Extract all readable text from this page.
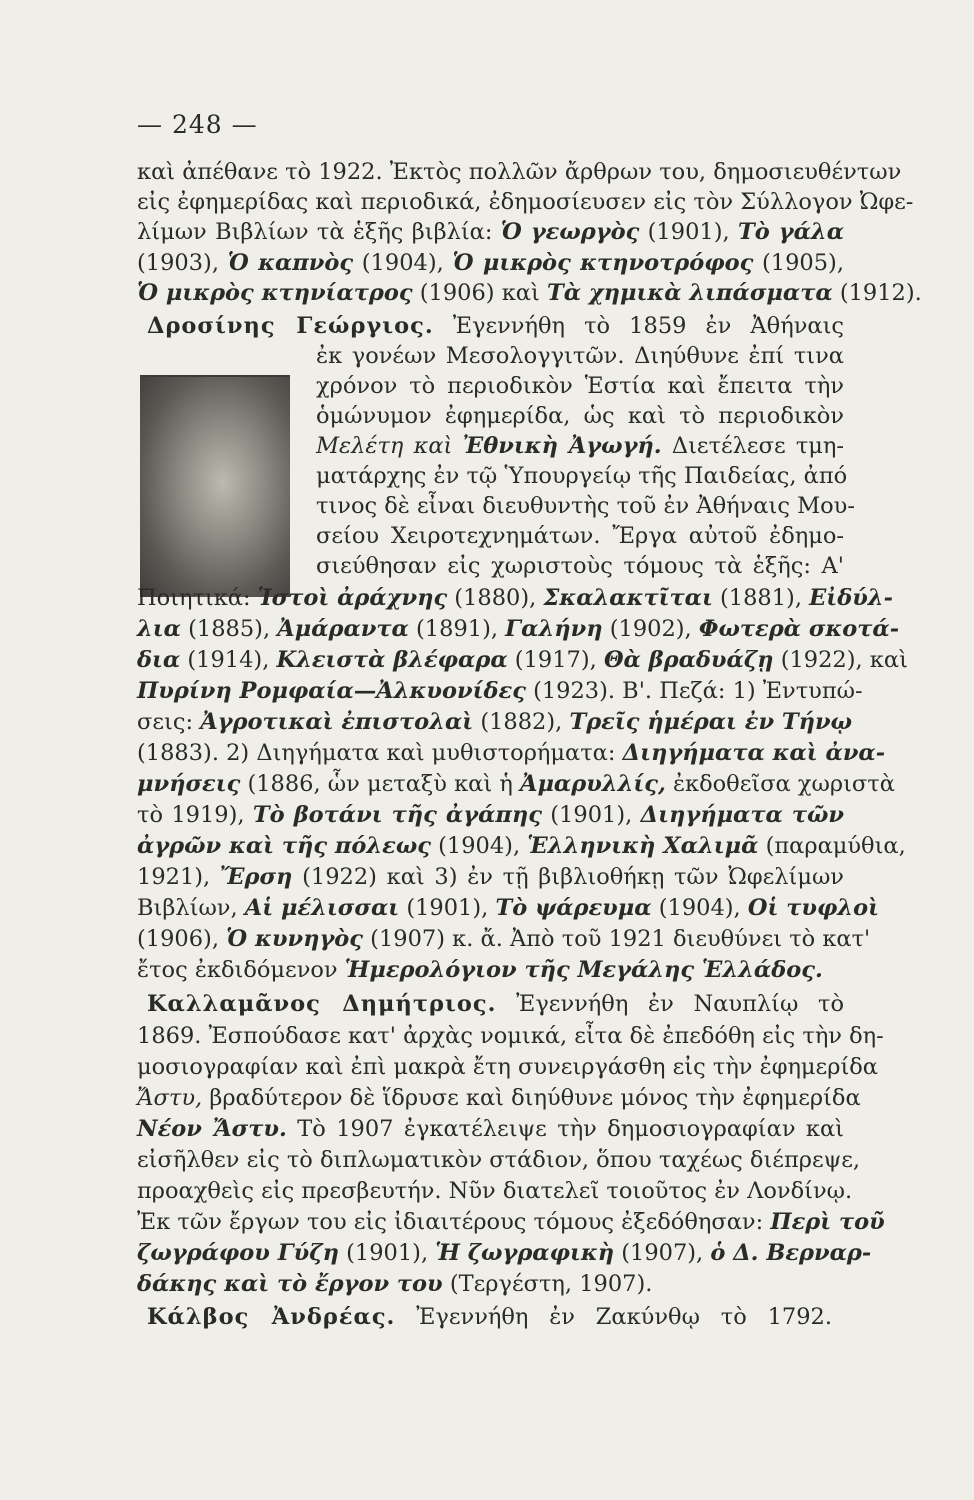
— 248 —
καὶ ἀπέθανε τὸ 1922. Ἐκτὸς πολλῶν ἄρθρων του, δημοσιευθέντων
εἰς ἐφημερίδας καὶ περιοδικά, ἐδημοσίευσεν εἰς τὸν Σύλλογον Ὠφε-
λίμων Βιβλίων τὰ ἑξῆς βιβλία: Ὁ γεωργὸς (1901), Τὸ γάλα
(1903), Ὁ καπνὸς (1904), Ὁ μικρὸς κτηνοτρόφος (1905),
Ὁ μικρὸς κτηνίατρος (1906) καὶ Τὰ χημικὰ λιπάσματα (1912).
Δροσίνης Γεώργιος. Ἐγεννήθη τὸ 1859 ἐν Ἀθήναις
ἐκ γονέων Μεσολογγιτῶν. Διηύθυνε ἐπί τινα
χρόνον τὸ περιοδικὸν Ἑστία καὶ ἔπειτα τὴν
ὁμώνυμον ἐφημερίδα, ὡς καὶ τὸ περιοδικὸν
Μελέτη καὶ Ἐθνικὴ Ἀγωγή. Διετέλεσε τμη-
ματάρχης ἐν τῷ Ὑπουργείῳ τῆς Παιδείας, ἀπό
τινος δὲ εἶναι διευθυντὴς τοῦ ἐν Ἀθήναις Μου-
σείου Χειροτεχνημάτων. Ἔργα αὐτοῦ ἐδημο-
σιεύθησαν εἰς χωριστοὺς τόμους τὰ ἑξῆς: Α'
Ποιητικά: Ἱστοὶ ἀράχνης (1880), Σκαλακτῖται (1881), Εἰδύλ-
λια (1885), Ἀμάραντα (1891), Γαλήνη (1902), Φωτερὰ σκοτά-
δια (1914), Κλειστὰ βλέφαρα (1917), Θὰ βραδυάζῃ (1922), καὶ
Πυρίνη Ρομφαία—Ἀλκυονίδες (1923). Β'. Πεζά: 1) Ἐντυπώ-
σεις: Ἀγροτικαὶ ἐπιστολαὶ (1882), Τρεῖς ἡμέραι ἐν Τήνῳ
(1883). 2) Διηγήματα καὶ μυθιστορήματα: Διηγήματα καὶ ἀνα-
μνήσεις (1886, ὧν μεταξὺ καὶ ἡ Ἀμαρυλλίς, ἐκδοθεῖσα χωριστὰ
τὸ 1919), Τὸ βοτάνι τῆς ἀγάπης (1901), Διηγήματα τῶν
ἀγρῶν καὶ τῆς πόλεως (1904), Ἑλληνικὴ Χαλιμᾶ (παραμύθια,
1921), Ἔρση (1922) καὶ 3) ἐν τῇ βιβλιοθήκῃ τῶν Ὠφελίμων
Βιβλίων, Αἱ μέλισσαι (1901), Τὸ ψάρευμα (1904), Οἱ τυφλοὶ
(1906), Ὁ κυνηγὸς (1907) κ. ἄ. Ἀπὸ τοῦ 1921 διευθύνει τὸ κατ'
ἔτος ἐκδιδόμενον Ἡμερολόγιον τῆς Μεγάλης Ἑλλάδος.
Καλλαμᾶνος Δημήτριος. Ἐγεννήθη ἐν Ναυπλίῳ τὸ
1869. Ἐσπούδασε κατ' ἀρχὰς νομικά, εἶτα δὲ ἐπεδόθη εἰς τὴν δη-
μοσιογραφίαν καὶ ἐπὶ μακρὰ ἔτη συνειργάσθη εἰς τὴν ἐφημερίδα
Ἄστυ, βραδύτερον δὲ ἵδρυσε καὶ διηύθυνε μόνος τὴν ἐφημερίδα
Νέον Ἄστυ. Τὸ 1907 ἐγκατέλειψε τὴν δημοσιογραφίαν καὶ
εἰσῆλθεν εἰς τὸ διπλωματικὸν στάδιον, ὅπου ταχέως διέπρεψε,
προαχθεὶς εἰς πρεσβευτήν. Νῦν διατελεῖ τοιοῦτος ἐν Λονδίνῳ.
Ἐκ τῶν ἔργων του εἰς ἰδιαιτέρους τόμους ἐξεδόθησαν: Περὶ τοῦ
ζωγράφου Γύζη (1901), Ἡ ζωγραφικὴ (1907), ὁ Δ. Βερναρ-
δάκης καὶ τὸ ἔργον του (Τεργέστη, 1907).
Κάλβος Ἀνδρέας. Ἐγεννήθη ἐν Ζακύνθῳ τὸ 1792.
